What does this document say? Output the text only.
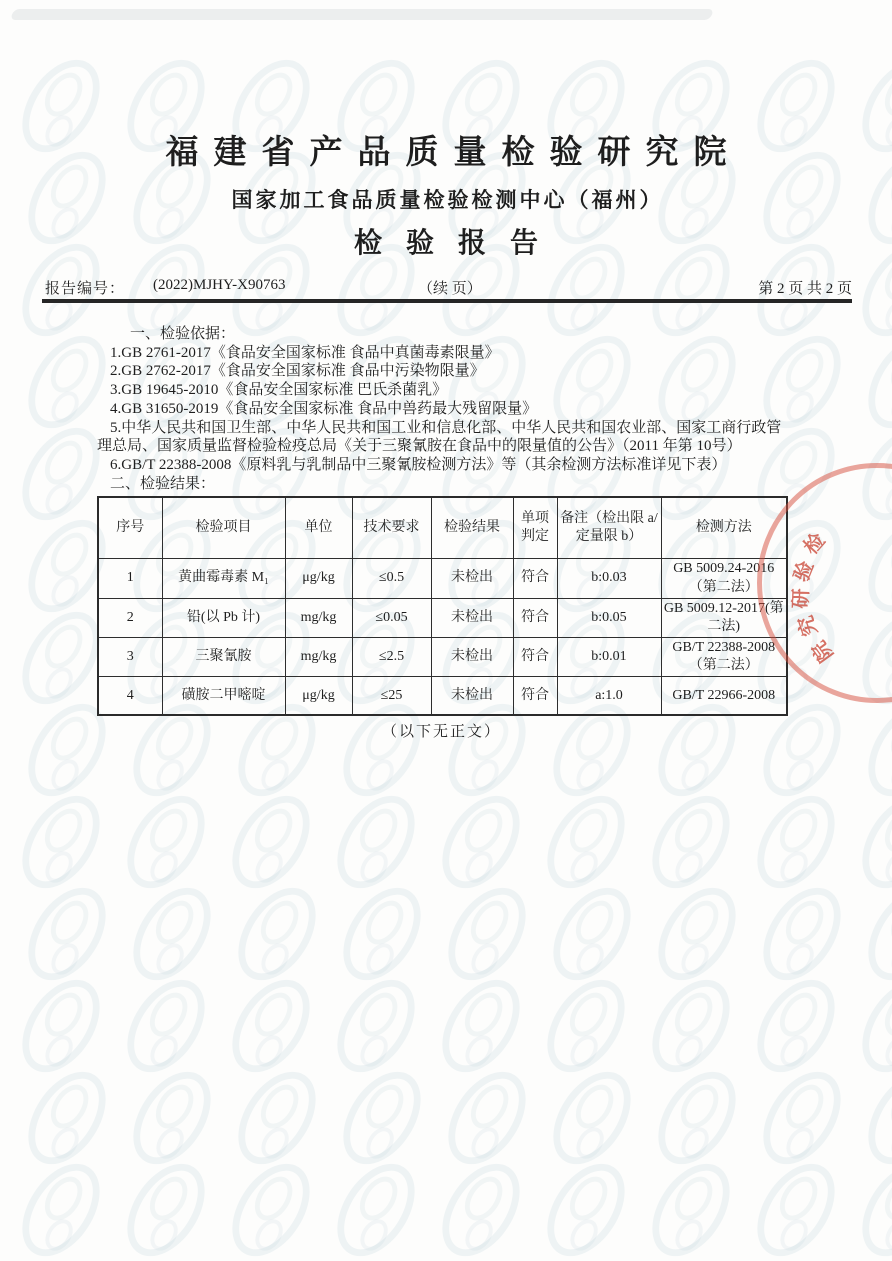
福建省产品质量检验研究院
国家加工食品质量检验检测中心（福州）
检验报告
报告编号： (2022)MJHY-X90763	（续 页）	第 2 页 共 2 页

一、检验依据：

1.GB 2761-2017《食品安全国家标准 食品中真菌毒素限量》

2.GB 2762-2017《食品安全国家标准 食品中污染物限量》

3.GB 19645-2010《食品安全国家标准 巴氏杀菌乳》

4.GB 31650-2019《食品安全国家标准 食品中兽药最大残留限量》

5.中华人民共和国卫生部、中华人民共和国工业和信息化部、中华人民共和国农业部、国家工商行政管理总局、国家质量监督检验检疫总局《关于三聚氰胺在食品中的限量值的公告》（2011 年第 10号）

6.GB/T 22388-2008《原料乳与乳制品中三聚氰胺检测方法》等（其余检测方法标准详见下表）

二、检验结果：

序号	检验项目	单位	技术要求	检验结果	单项判定	备注（检出限 a/定量限 b）	检测方法
1	黄曲霉毒素 M₁	μg/kg	≤0.5	未检出	符合	b:0.03	GB 5009.24-2016（第二法）
2	铅(以 Pb 计)	mg/kg	≤0.05	未检出	符合	b:0.05	GB 5009.12-2017(第二法)
3	三聚氰胺	mg/kg	≤2.5	未检出	符合	b:0.01	GB/T 22388-2008（第二法）
4	磺胺二甲嘧啶	μg/kg	≤25	未检出	符合	a:1.0	GB/T 22966-2008
（以下无正文）
检
验
研
究
院
